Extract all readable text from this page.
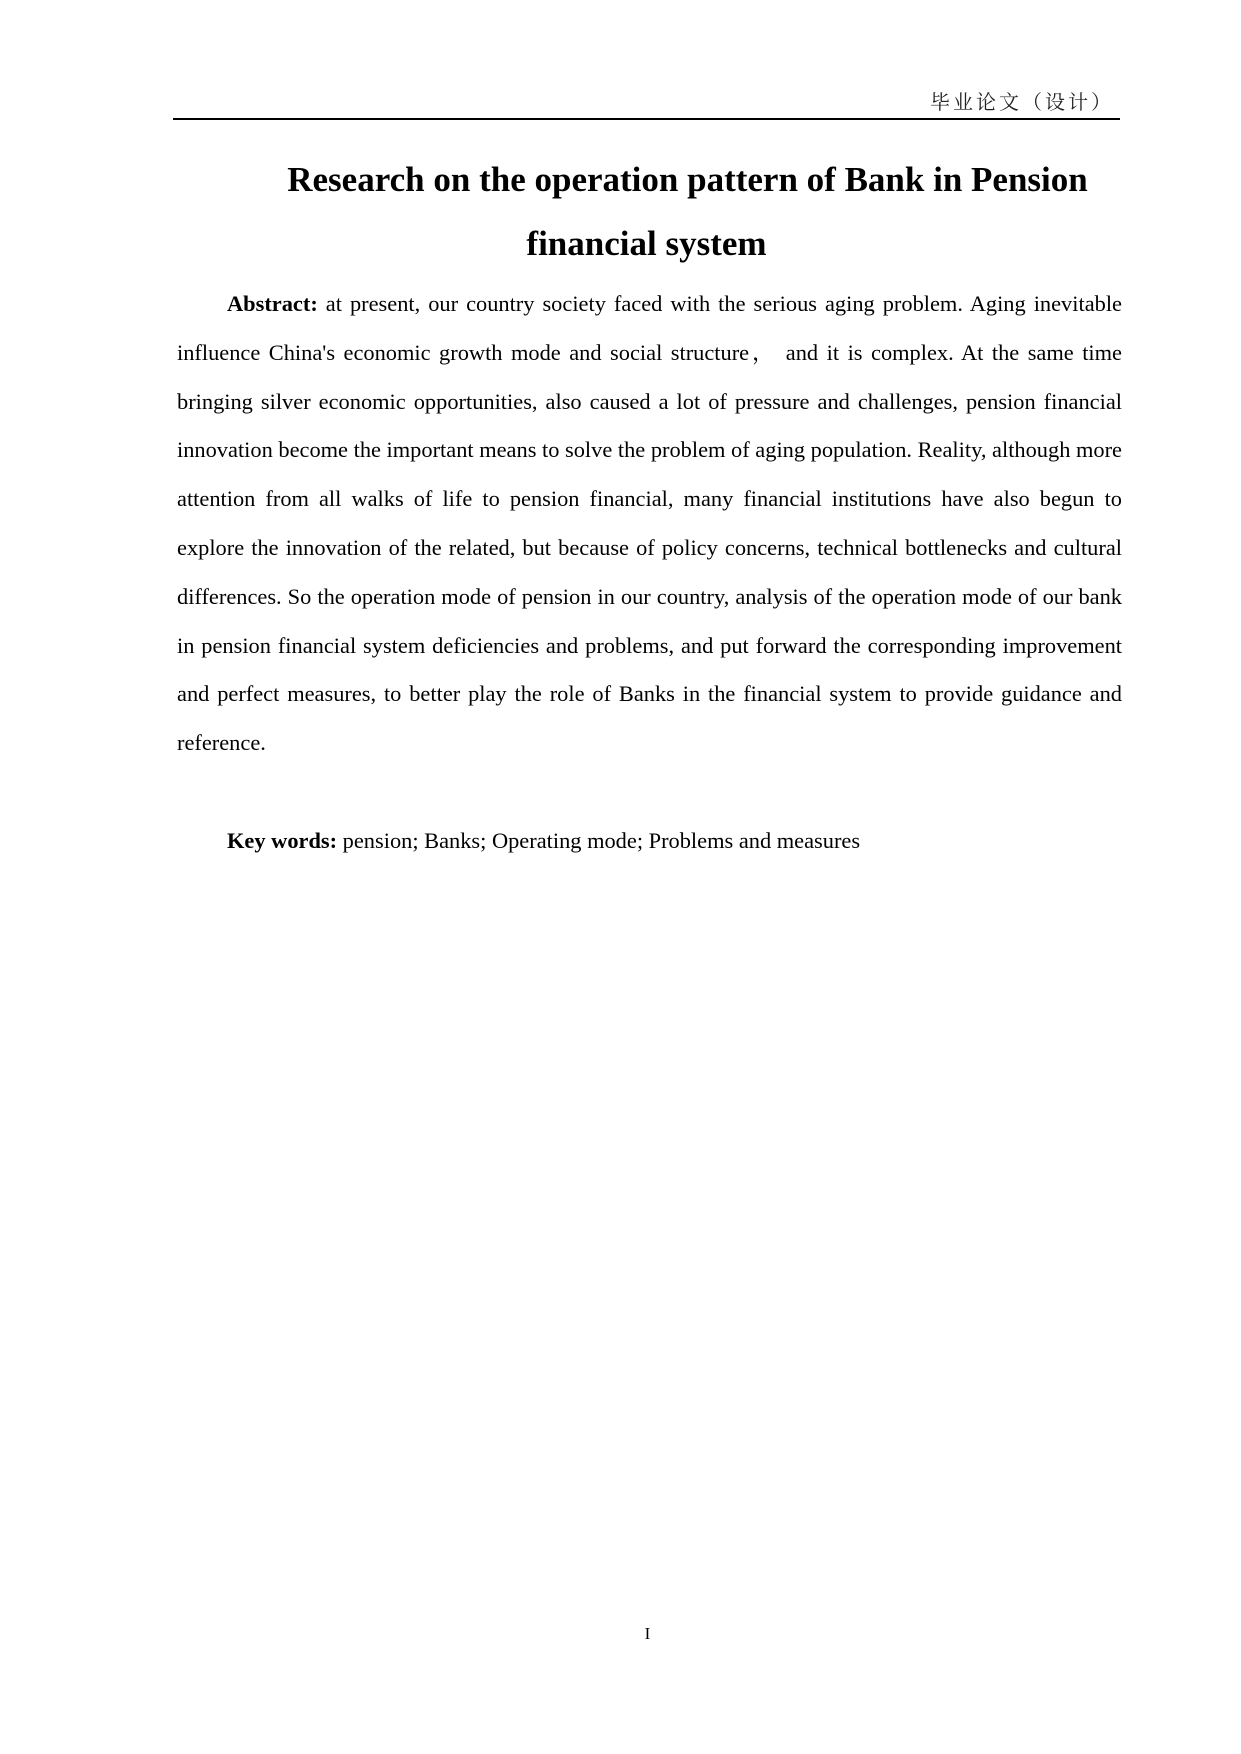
毕业论文（设计）
Research on the operation pattern of Bank in Pension
financial system

Abstract: at present, our country society faced with the serious aging problem. Aging inevitable influence China's economic growth mode and social structure， and it is complex. At the same time bringing silver economic opportunities, also caused a lot of pressure and challenges, pension financial innovation become the important means to solve the problem of aging population. Reality, although more attention from all walks of life to pension financial, many financial institutions have also begun to explore the innovation of the related, but because of policy concerns, technical bottlenecks and cultural differences. So the operation mode of pension in our country, analysis of the operation mode of our bank in pension financial system deficiencies and problems, and put forward the corresponding improvement and perfect measures, to better play the role of Banks in the financial system to provide guidance and reference.

Key words: pension; Banks; Operating mode; Problems and measures

I
